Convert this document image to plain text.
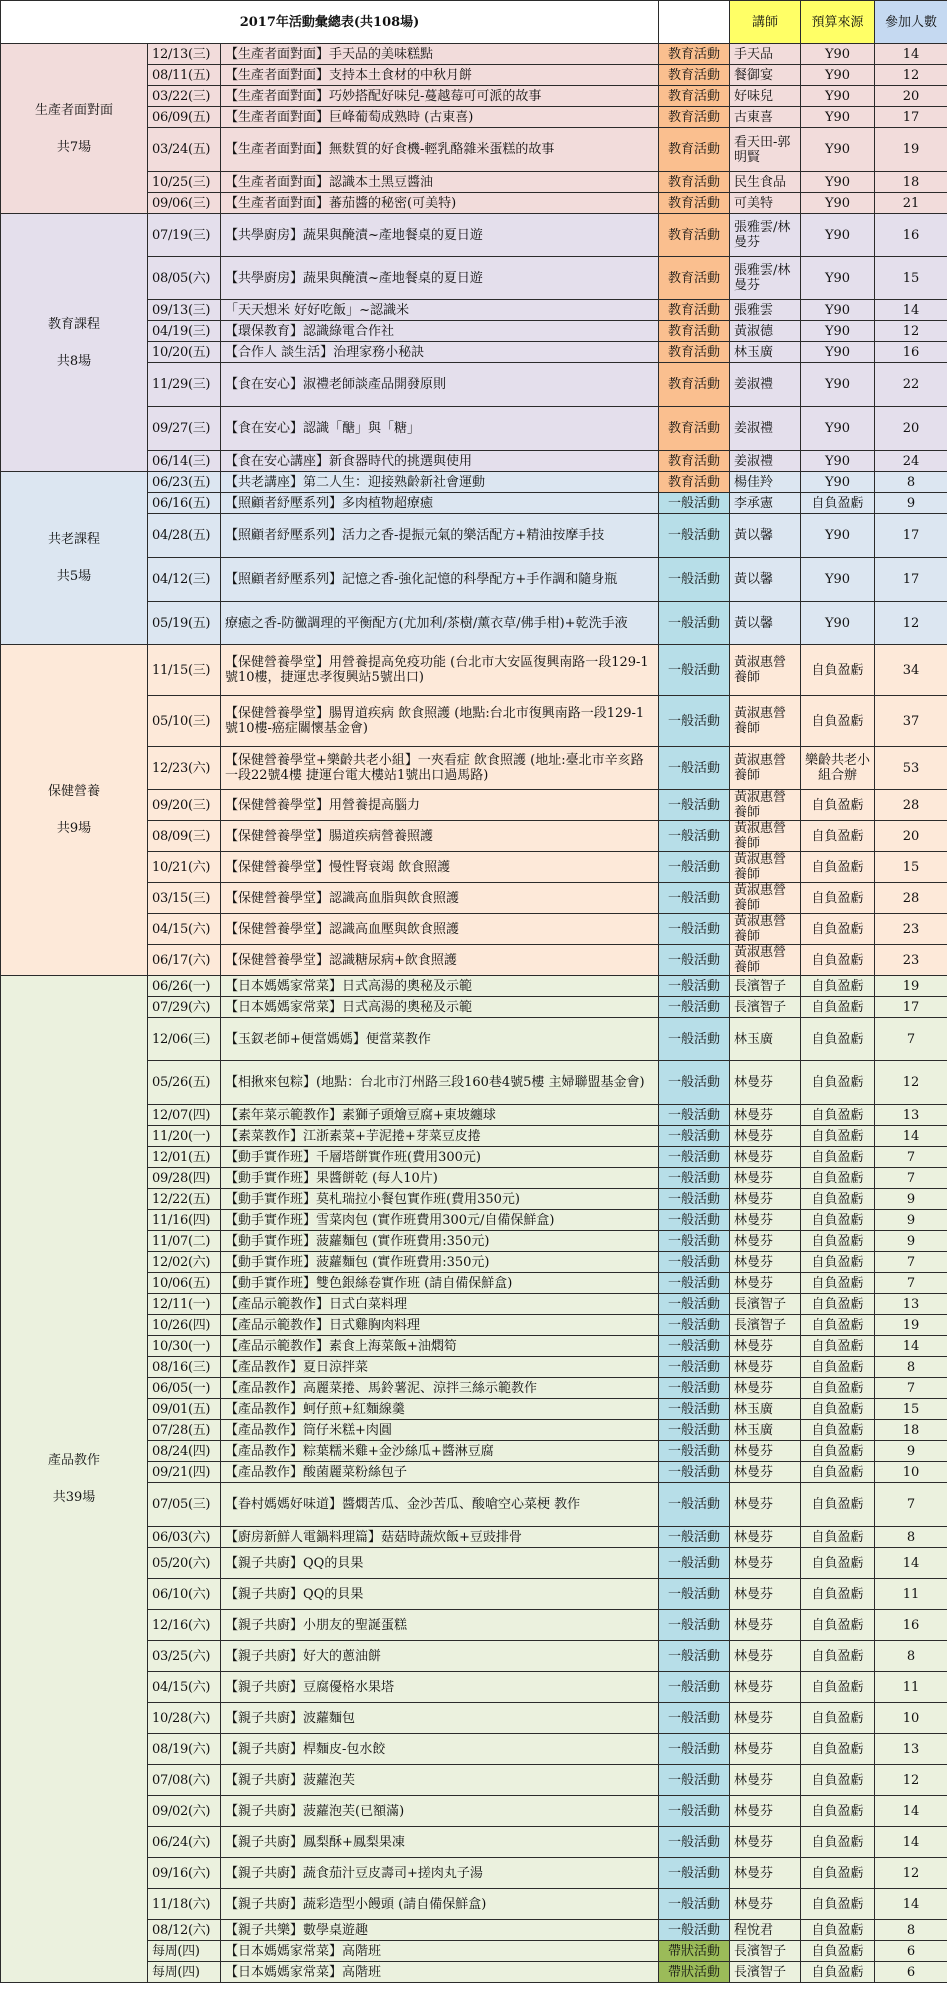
2017年活動彙總表(共108場)				講師	預算來源	參加人數

生產者面對面
共7場	12/13(三)	【生產者面對面】手天品的美味糕點	教育活動	手天品	Y90	14
	08/11(五)	【生產者面對面】支持本土食材的中秋月餅	教育活動	餐御宴	Y90	12
	03/22(三)	【生產者面對面】巧妙搭配好味兒-蔓越莓可可派的故事	教育活動	好味兒	Y90	20
	06/09(五)	【生產者面對面】巨峰葡萄成熟時 (古東喜)	教育活動	古東喜	Y90	17
	03/24(五)	【生產者面對面】無麩質的好食機-輕乳酪雜米蛋糕的故事	教育活動	看天田-郭明賢	Y90	19
	10/25(三)	【生產者面對面】認識本土黑豆醬油	教育活動	民生食品	Y90	18
	09/06(三)	【生產者面對面】蕃茄醬的秘密(可美特)	教育活動	可美特	Y90	21

教育課程
共8場	07/19(三)	【共學廚房】蔬果與醃漬~產地餐桌的夏日遊	教育活動	張雅雲/林曼芬	Y90	16
	08/05(六)	【共學廚房】蔬果與醃漬~產地餐桌的夏日遊	教育活動	張雅雲/林曼芬	Y90	15
	09/13(三)	「天天想米 好好吃飯」~認識米	教育活動	張雅雲	Y90	14
	04/19(三)	【環保教育】認識綠電合作社	教育活動	黃淑德	Y90	12
	10/20(五)	【合作人 談生活】治理家務小秘訣	教育活動	林玉廣	Y90	16
	11/29(三)	【食在安心】淑禮老師談產品開發原則	教育活動	姜淑禮	Y90	22
	09/27(三)	【食在安心】認識「醣」與「糖」	教育活動	姜淑禮	Y90	20
	06/14(三)	【食在安心講座】新食器時代的挑選與使用	教育活動	姜淑禮	Y90	24

共老課程
共5場	06/23(五)	【共老講座】第二人生：迎接熟齡新社會運動	教育活動	楊佳羚	Y90	8
	06/16(五)	【照顧者紓壓系列】多肉植物超療癒	一般活動	李承憲	自負盈虧	9
	04/28(五)	【照顧者紓壓系列】活力之香-提振元氣的樂活配方+精油按摩手技	一般活動	黃以馨	Y90	17
	04/12(三)	【照顧者紓壓系列】記憶之香-強化記憶的科學配方+手作調和隨身瓶	一般活動	黃以馨	Y90	17
	05/19(五)	療癒之香-防黴調理的平衡配方(尤加利/茶樹/薰衣草/佛手柑)+乾洗手液	一般活動	黃以馨	Y90	12

保健營養
共9場	11/15(三)	【保健營養學堂】用營養提高免疫功能 (台北市大安區復興南路一段129-1號10樓，捷運忠孝復興站5號出口)	一般活動	黃淑惠營養師	自負盈虧	34
	05/10(三)	【保健營養學堂】腸胃道疾病 飲食照護 (地點:台北市復興南路一段129-1號10樓-癌症關懷基金會)	一般活動	黃淑惠營養師	自負盈虧	37
	12/23(六)	【保健營養學堂+樂齡共老小組】一夾看症 飲食照護 (地址:臺北市辛亥路一段22號4樓 捷運台電大樓站1號出口過馬路)	一般活動	黃淑惠營養師	樂齡共老小組合辦	53
	09/20(三)	【保健營養學堂】用營養提高腦力	一般活動	黃淑惠營養師	自負盈虧	28
	08/09(三)	【保健營養學堂】腸道疾病營養照護	一般活動	黃淑惠營養師	自負盈虧	20
	10/21(六)	【保健營養學堂】慢性腎衰竭 飲食照護	一般活動	黃淑惠營養師	自負盈虧	15
	03/15(三)	【保健營養學堂】認識高血脂與飲食照護	一般活動	黃淑惠營養師	自負盈虧	28
	04/15(六)	【保健營養學堂】認識高血壓與飲食照護	一般活動	黃淑惠營養師	自負盈虧	23
	06/17(六)	【保健營養學堂】認識糖尿病+飲食照護	一般活動	黃淑惠營養師	自負盈虧	23

產品教作
共39場	06/26(一)	【日本媽媽家常菜】日式高湯的奧秘及示範	一般活動	長濱智子	自負盈虧	19
	07/29(六)	【日本媽媽家常菜】日式高湯的奧秘及示範	一般活動	長濱智子	自負盈虧	17
	12/06(三)	【玉釵老師+便當媽媽】便當菜教作	一般活動	林玉廣	自負盈虧	7
	05/26(五)	【相揪來包粽】(地點：台北市汀州路三段160巷4號5樓 主婦聯盟基金會)	一般活動	林曼芬	自負盈虧	12
	12/07(四)	【素年菜示範教作】素獅子頭燴豆腐+東坡纏球	一般活動	林曼芬	自負盈虧	13
	11/20(一)	【素菜教作】江浙素菜+芋泥捲+芽菜豆皮捲	一般活動	林曼芬	自負盈虧	14
	12/01(五)	【動手實作班】千層塔餅實作班(費用300元)	一般活動	林曼芬	自負盈虧	7
	09/28(四)	【動手實作班】果醬餅乾 (每人10片)	一般活動	林曼芬	自負盈虧	7
	12/22(五)	【動手實作班】莫札瑞拉小餐包實作班(費用350元)	一般活動	林曼芬	自負盈虧	9
	11/16(四)	【動手實作班】雪菜肉包 (實作班費用300元/自備保鮮盒)	一般活動	林曼芬	自負盈虧	9
	11/07(二)	【動手實作班】菠蘿麵包 (實作班費用:350元)	一般活動	林曼芬	自負盈虧	9
	12/02(六)	【動手實作班】菠蘿麵包 (實作班費用:350元)	一般活動	林曼芬	自負盈虧	7
	10/06(五)	【動手實作班】雙色銀絲卷實作班 (請自備保鮮盒)	一般活動	林曼芬	自負盈虧	7
	12/11(一)	【產品示範教作】日式白菜料理	一般活動	長濱智子	自負盈虧	13
	10/26(四)	【產品示範教作】日式雞胸肉料理	一般活動	長濱智子	自負盈虧	19
	10/30(一)	【產品示範教作】素食上海菜飯+油燜筍	一般活動	林曼芬	自負盈虧	14
	08/16(三)	【產品教作】夏日涼拌菜	一般活動	林曼芬	自負盈虧	8
	06/05(一)	【產品教作】高麗菜捲、馬鈴薯泥、涼拌三絲示範教作	一般活動	林曼芬	自負盈虧	7
	09/01(五)	【產品教作】蚵仔煎+紅麵線羹	一般活動	林玉廣	自負盈虧	15
	07/28(五)	【產品教作】筒仔米糕+肉圓	一般活動	林玉廣	自負盈虧	18
	08/24(四)	【產品教作】粽葉糯米雞+金沙絲瓜+醬淋豆腐	一般活動	林曼芬	自負盈虧	9
	09/21(四)	【產品教作】酸菌麗菜粉絲包子	一般活動	林曼芬	自負盈虧	10
	07/05(三)	【眷村媽媽好味道】醬燜苦瓜、金沙苦瓜、酸嗆空心菜梗 教作	一般活動	林曼芬	自負盈虧	7
	06/03(六)	【廚房新鮮人電鍋料理篇】菇菇時蔬炊飯+豆豉排骨	一般活動	林曼芬	自負盈虧	8
	05/20(六)	【親子共廚】QQ的貝果	一般活動	林曼芬	自負盈虧	14
	06/10(六)	【親子共廚】QQ的貝果	一般活動	林曼芬	自負盈虧	11
	12/16(六)	【親子共廚】小朋友的聖誕蛋糕	一般活動	林曼芬	自負盈虧	16
	03/25(六)	【親子共廚】好大的蔥油餅	一般活動	林曼芬	自負盈虧	8
	04/15(六)	【親子共廚】豆腐優格水果塔	一般活動	林曼芬	自負盈虧	11
	10/28(六)	【親子共廚】波蘿麵包	一般活動	林曼芬	自負盈虧	10
	08/19(六)	【親子共廚】桿麵皮-包水餃	一般活動	林曼芬	自負盈虧	13
	07/08(六)	【親子共廚】菠蘿泡芙	一般活動	林曼芬	自負盈虧	12
	09/02(六)	【親子共廚】菠蘿泡芙(已額滿)	一般活動	林曼芬	自負盈虧	14
	06/24(六)	【親子共廚】鳳梨酥+鳳梨果凍	一般活動	林曼芬	自負盈虧	14
	09/16(六)	【親子共廚】蔬食茄汁豆皮壽司+搓肉丸子湯	一般活動	林曼芬	自負盈虧	12
	11/18(六)	【親子共廚】蔬彩造型小饅頭 (請自備保鮮盒)	一般活動	林曼芬	自負盈虧	14
	08/12(六)	【親子共樂】數學桌遊趣	一般活動	程悅君	自負盈虧	8
	每周(四)	【日本媽媽家常菜】高階班	帶狀活動	長濱智子	自負盈虧	6
	每周(四)	【日本媽媽家常菜】高階班	帶狀活動	長濱智子	自負盈虧	6
